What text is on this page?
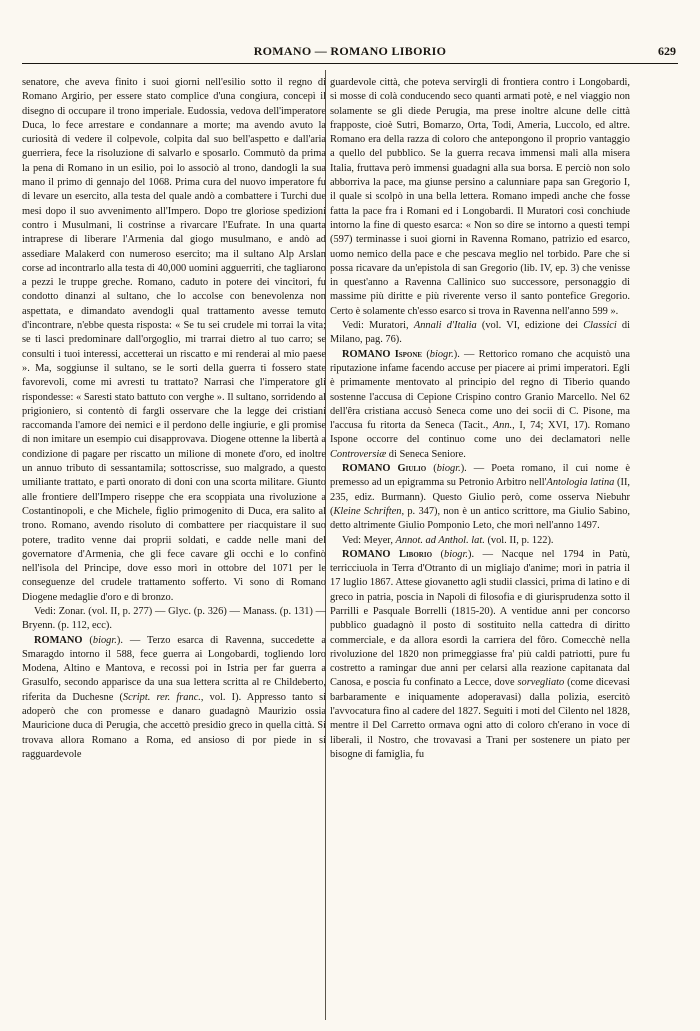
ROMANO — ROMANO LIBORIO	629

senatore, che aveva finito i suoi giorni nell'esilio sotto il regno di Romano Argirio, per essere stato complice d'una congiura, concepì il disegno di occupare il trono imperiale. Eudossia, vedova dell'imperatore Duca, lo fece arrestare e condannare a morte; ma avendo avuto la curiosità di vedere il colpevole, colpita dal suo bell'aspetto e dall'aria guerriera, fece la risoluzione di salvarlo e sposarlo. Commutò da prima la pena di Romano in un esilio, poi lo associò al trono, dandogli la sua mano il primo di gennajo del 1068. Prima cura del nuovo imperatore fu di levare un esercito, alla testa del quale andò a combattere i Turchi due mesi dopo il suo avvenimento all'Impero. Dopo tre gloriose spedizioni contro i Musulmani, li costrinse a rivarcare l'Eufrate. In una quarta intraprese di liberare l'Armenia dal giogo musulmano, e andò ad assediare Malakerd con numeroso esercito; ma il sultano Alp Arslan corse ad incontrarlo alla testa di 40,000 uomini agguerriti, che tagliarono a pezzi le truppe greche. Romano, caduto in potere dei vincitori, fu condotto dinanzi al sultano, che lo accolse con benevolenza non aspettata, e dimandato avendogli qual trattamento avesse temuto d'incontrare, n'ebbe questa risposta: « Se tu sei crudele mi torrai la vita; se ti lasci predominare dall'orgoglio, mi trarrai dietro al tuo carro; se consulti i tuoi interessi, accetterai un riscatto e mi renderai al mio paese ». Ma, soggiunse il sultano, se le sorti della guerra ti fossero state favorevoli, come mi avresti tu trattato? Narrasi che l'imperatore gli rispondesse: « Saresti stato battuto con verghe ». Il sultano, sorridendo al prigioniero, si contentò di fargli osservare che la legge dei cristiani raccomanda l'amore dei nemici e il perdono delle ingiurie, e gli promise di non imitare un esempio cui disapprovava. Diogene ottenne la libertà a condizione di pagare per riscatto un milione di monete d'oro, ed inoltre un annuo tributo di sessantamila; sottoscrisse, suo malgrado, a questo umiliante trattato, e partì onorato di doni con una scorta militare. Giunto alle frontiere dell'Impero riseppe che era scoppiata una rivoluzione a Costantinopoli, e che Michele, figlio primogenito di Duca, era salito al trono. Romano, avendo risoluto di combattere per riacquistare il suo potere, tradito venne dai proprii soldati, e cadde nelle mani del governatore d'Armenia, che gli fece cavare gli occhi e lo confinò nell'isola del Principe, dove esso morì in ottobre del 1071 per le conseguenze del crudele trattamento sofferto. Vi sono di Romano Diogene medaglie d'oro e di bronzo.

Vedi: Zonar. (vol. II, p. 277) — Glyc. (p. 326) — Manass. (p. 131) — Bryenn. (p. 112, ecc).

ROMANO (biogr.). — Terzo esarca di Ravenna, succedette a Smaragdo intorno il 588, fece guerra ai Longobardi, togliendo loro Modena, Altino e Mantova, e recossi poi in Istria per far guerra a Grasulfo, secondo apparisce da una sua lettera scritta al re Childeberto, riferita da Duchesne (Script. rer. franc., vol. I). Appresso tanto si adoperò che con promesse e danaro guadagnò Maurizio ossia Mauricione duca di Perugia, che accettò presidio greco in quella città. Si trovava allora Romano a Roma, ed ansioso di por piede in si ragguardevole

guardevole città, che poteva servirgli di frontiera contro i Longobardi, si mosse di colà conducendo seco quanti armati potè, e nel viaggio non solamente se gli diede Perugia, ma prese inoltre alcune delle città frapposte, cioè Sutri, Bomarzo, Orta, Todi, Ameria, Luccolo, ed altre. Romano era della razza di coloro che antepongono il proprio vantaggio a quello del pubblico. Se la guerra recava immensi mali alla misera Italia, fruttava però immensi guadagni alla sua borsa. E perciò non solo abborriva la pace, ma giunse persino a calunniare papa san Gregorio I, il quale si scolpò in una bella lettera. Romano impedì anche che fosse fatta la pace fra i Romani ed i Longobardi. Il Muratori così conchiude intorno la fine di questo esarca: « Non so dire se intorno a questi tempi (597) terminasse i suoi giorni in Ravenna Romano, patrizio ed esarco, uomo nemico della pace e che pescava meglio nel torbido. Pare che si possa ricavare da un'epistola di san Gregorio (lib. IV, ep. 3) che venisse in quest'anno a Ravenna Callinico suo successore, personaggio di massime più diritte e più riverente verso il santo pontefice Gregorio. Certo è solamente ch'esso esarco si trova in Ravenna nell'anno 599 ».

Vedi: Muratori, Annali d'Italia (vol. VI, edizione dei Classici di Milano, pag. 76).

ROMANO Ispone (biogr.). — Rettorico romano che acquistò una riputazione infame facendo accuse per piacere ai primi imperatori. Egli è primamente mentovato al principio del regno di Tiberio quando sostenne l'accusa di Cepione Crispino contro Granio Marcello. Nel 62 dell'êra cristiana accusò Seneca come uno dei socii di C. Pisone, ma l'accusa fu ritorta da Seneca (Tacit., Ann., I, 74; XVI, 17). Romano Ispone occorre del continuo come uno dei declamatori nelle Controversiæ di Seneca Seniore.

ROMANO Giulio (biogr.). — Poeta romano, il cui nome è premesso ad un epigramma su Petronio Arbitro nell'Antologia latina (II, 235, ediz. Burmann). Questo Giulio però, come osserva Niebuhr (Kleine Schriften, p. 347), non è un antico scrittore, ma Giulio Sabino, detto altrimente Giulio Pomponio Leto, che morì nell'anno 1497.

Ved: Meyer, Annot. ad Anthol. lat. (vol. II, p. 122).

ROMANO Liborio (biogr.). — Nacque nel 1794 in Patù, terricciuola in Terra d'Otranto di un migliajo d'anime; morì in patria il 17 luglio 1867. Attese giovanetto agli studii classici, prima di latino e di greco in patria, poscia in Napoli di filosofia e di giurisprudenza sotto il Parrilli e Pasquale Borrelli (1815-20). A ventidue anni per concorso pubblico guadagnò il posto di sostituito nella cattedra di diritto commerciale, e da allora esordì la carriera del fôro. Comecchè nella rivoluzione del 1820 non primeggiasse fra' più caldi patriotti, pure fu costretto a ramingar due anni per celarsi alla reazione capitanata dal Canosa, e poscia fu confinato a Lecce, dove sorvegliato (come dicevasi barbaramente e iniquamente adoperavasi) dalla polizia, esercitò l'avvocatura fino al cadere del 1827. Seguiti i moti del Cilento nel 1828, mentre il Del Carretto ormava ogni atto di coloro ch'erano in voce di liberali, il Nostro, che trovavasi a Trani per sostenere un piato per bisogne di famiglia, fu
